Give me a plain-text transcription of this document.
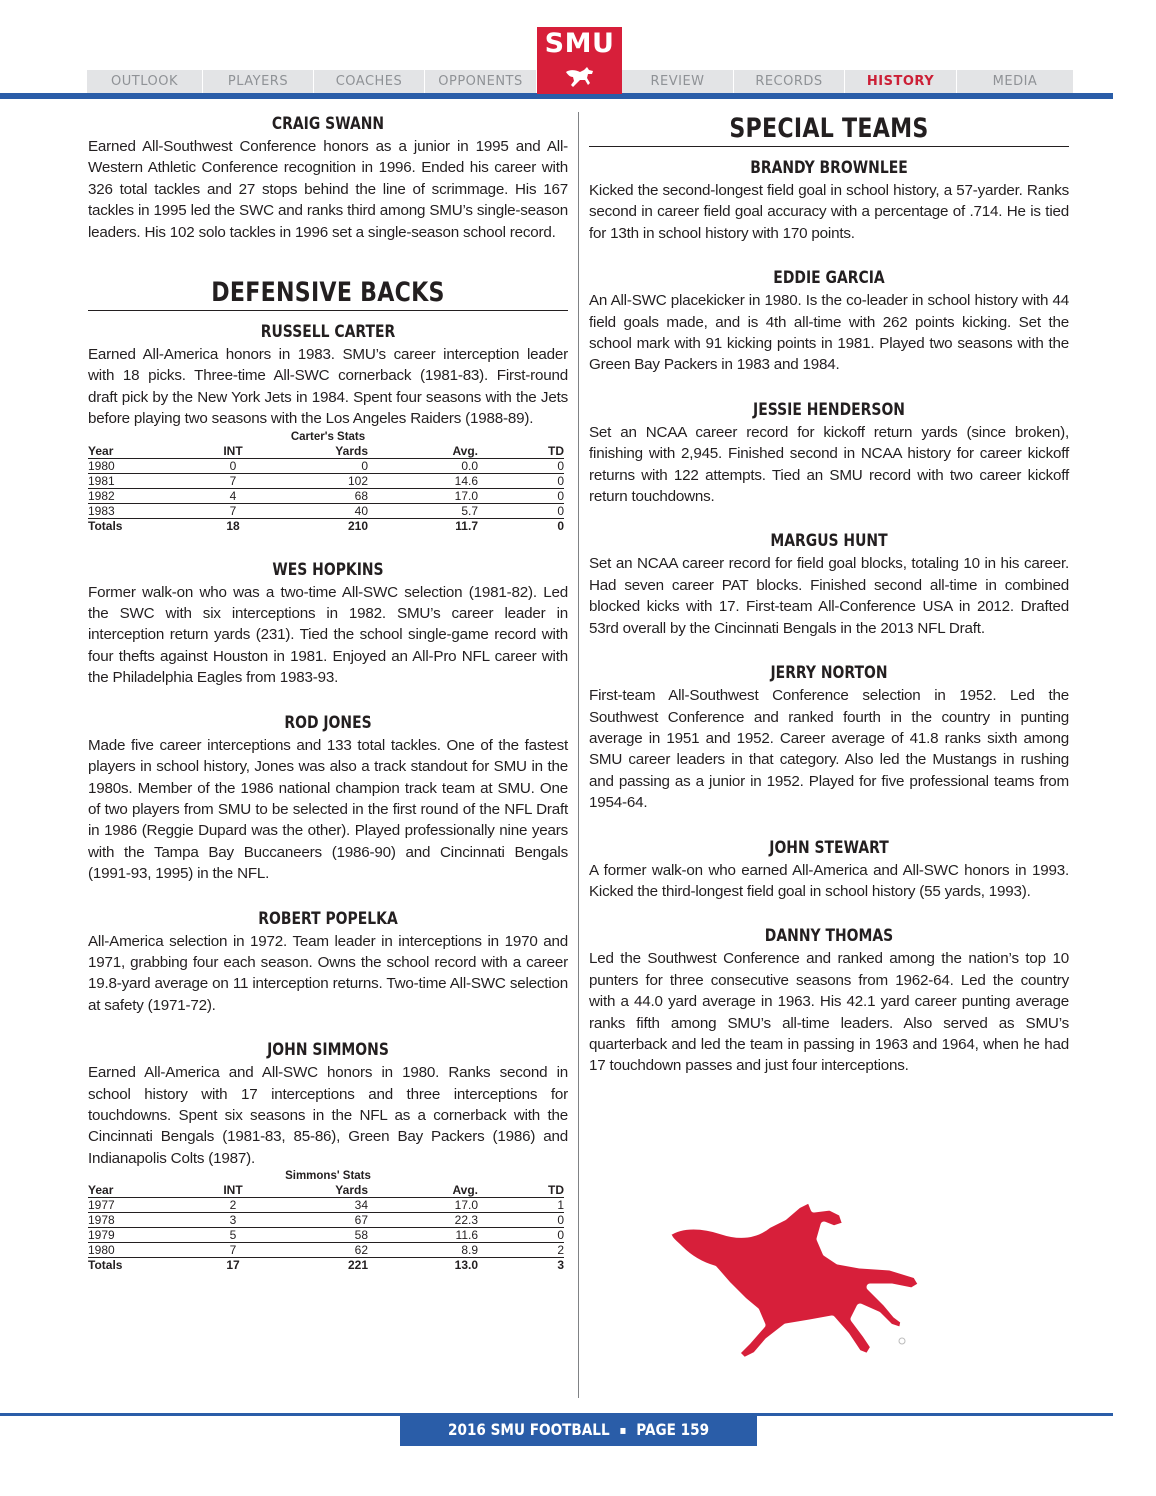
OUTLOOK	PLAYERS	COACHES	OPPONENTS	REVIEW	RECORDS	HISTORY	MEDIA
SMU
CRAIG SWANN
Earned All-Southwest Conference honors as a junior in 1995 and All-Western Athletic Conference recognition in 1996. Ended his career with 326 total tackles and 27 stops behind the line of scrimmage. His 167 tackles in 1995 led the SWC and ranks third among SMU’s single-season leaders. His 102 solo tackles in 1996 set a single-season school record.
DEFENSIVE BACKS
RUSSELL CARTER
Earned All-America honors in 1983. SMU’s career interception leader with 18 picks. Three-time All-SWC cornerback (1981-83). First-round draft pick by the New York Jets in 1984. Spent four seasons with the Jets before playing two seasons with the Los Angeles Raiders (1988-89).
Carter's Stats
Year	INT	Yards	Avg.	TD
1980	0	0	0.0	0
1981	7	102	14.6	0
1982	4	68	17.0	0
1983	7	40	5.7	0
Totals	18	210	11.7	0
WES HOPKINS
Former walk-on who was a two-time All-SWC selection (1981-82). Led the SWC with six interceptions in 1982. SMU’s career leader in interception return yards (231). Tied the school single-game record with four thefts against Houston in 1981. Enjoyed an All-Pro NFL career with the Philadelphia Eagles from 1983-93.
ROD JONES
Made five career interceptions and 133 total tackles. One of the fastest players in school history, Jones was also a track standout for SMU in the 1980s. Member of the 1986 national champion track team at SMU. One of two players from SMU to be selected in the first round of the NFL Draft in 1986 (Reggie Dupard was the other). Played professionally nine years with the Tampa Bay Buccaneers (1986-90) and Cincinnati Bengals (1991-93, 1995) in the NFL.
ROBERT POPELKA
All-America selection in 1972. Team leader in interceptions in 1970 and 1971, grabbing four each season. Owns the school record with a career 19.8-yard average on 11 interception returns. Two-time All-SWC selection at safety (1971-72).
JOHN SIMMONS
Earned All-America and All-SWC honors in 1980. Ranks second in school history with 17 interceptions and three interceptions for touchdowns. Spent six seasons in the NFL as a cornerback with the Cincinnati Bengals (1981-83, 85-86), Green Bay Packers (1986) and Indianapolis Colts (1987).
Simmons' Stats
Year	INT	Yards	Avg.	TD
1977	2	34	17.0	1
1978	3	67	22.3	0
1979	5	58	11.6	0
1980	7	62	8.9	2
Totals	17	221	13.0	3
SPECIAL TEAMS
BRANDY BROWNLEE
Kicked the second-longest field goal in school history, a 57-yarder. Ranks second in career field goal accuracy with a percentage of .714. He is tied for 13th in school history with 170 points.
EDDIE GARCIA
An All-SWC placekicker in 1980. Is the co-leader in school history with 44 field goals made, and is 4th all-time with 262 points kicking. Set the school mark with 91 kicking points in 1981. Played two seasons with the Green Bay Packers in 1983 and 1984.
JESSIE HENDERSON
Set an NCAA career record for kickoff return yards (since broken), finishing with 2,945. Finished second in NCAA history for career kickoff returns with 122 attempts. Tied an SMU record with two career kickoff return touchdowns.
MARGUS HUNT
Set an NCAA career record for field goal blocks, totaling 10 in his career. Had seven career PAT blocks. Finished second all-time in combined blocked kicks with 17. First-team All-Conference USA in 2012. Drafted 53rd overall by the Cincinnati Bengals in the 2013 NFL Draft.
JERRY NORTON
First-team All-Southwest Conference selection in 1952. Led the Southwest Conference and ranked fourth in the country in punting average in 1951 and 1952. Career average of 41.8 ranks sixth among SMU career leaders in that category. Also led the Mustangs in rushing and passing as a junior in 1952. Played for five professional teams from 1954-64.
JOHN STEWART
A former walk-on who earned All-America and All-SWC honors in 1993. Kicked the third-longest field goal in school history (55 yards, 1993).
DANNY THOMAS
Led the Southwest Conference and ranked among the nation’s top 10 punters for three consecutive seasons from 1962-64. Led the country with a 44.0 yard average in 1963. His 42.1 yard career punting average ranks fifth among SMU’s all-time leaders. Also served as SMU’s quarterback and led the team in passing in 1963 and 1964, when he had 17 touchdown passes and just four interceptions.
2016 SMU FOOTBALL ▪ PAGE 159
